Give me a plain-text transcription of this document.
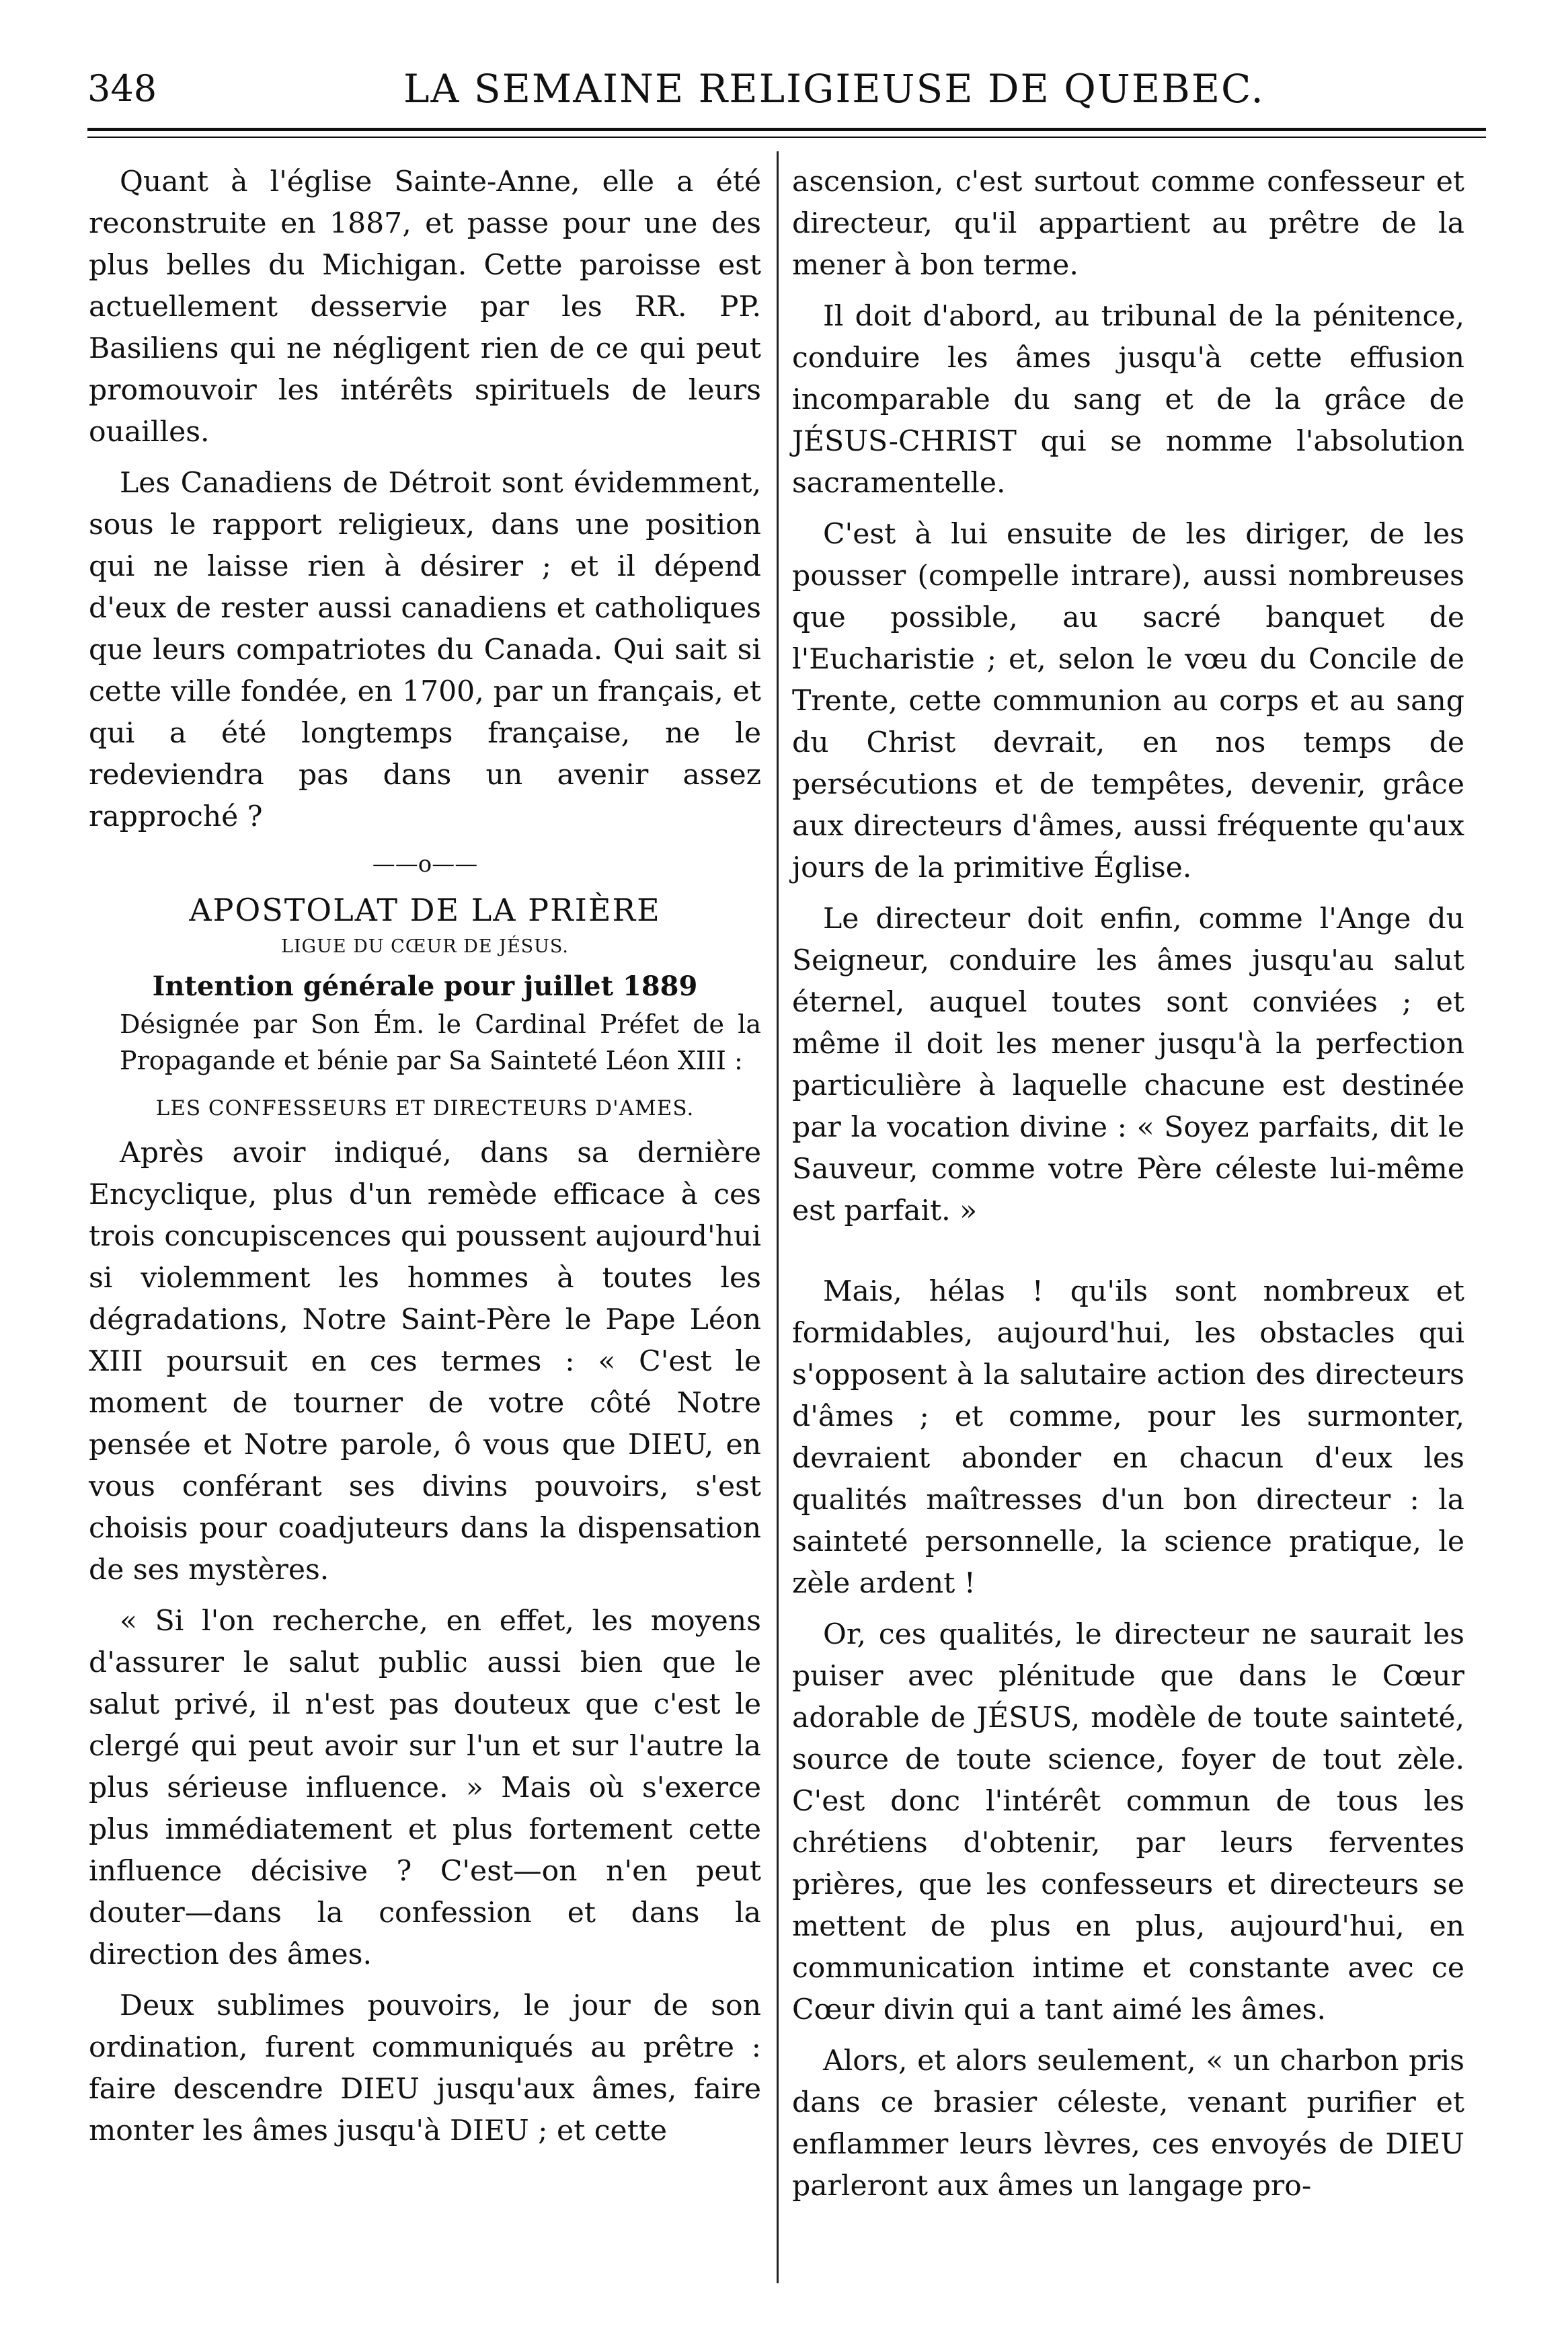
348	LA SEMAINE RELIGIEUSE DE QUEBEC.

Quant à l'église Sainte-Anne, elle a été reconstruite en 1887, et passe pour une des plus belles du Michigan. Cette paroisse est actuellement desservie par les RR. PP. Basiliens qui ne négligent rien de ce qui peut promouvoir les intérêts spirituels de leurs ouailles.

Les Canadiens de Détroit sont évidemment, sous le rapport religieux, dans une position qui ne laisse rien à désirer ; et il dépend d'eux de rester aussi canadiens et catholiques que leurs compatriotes du Canada. Qui sait si cette ville fondée, en 1700, par un français, et qui a été longtemps française, ne le redeviendra pas dans un avenir assez rapproché ?

——o——

APOSTOLAT DE LA PRIÈRE

LIGUE DU CŒUR DE JÉSUS.

Intention générale pour juillet 1889

Désignée par Son Ém. le Cardinal Préfet de la Propagande et bénie par Sa Sainteté Léon XIII :

LES CONFESSEURS ET DIRECTEURS D'AMES.

Après avoir indiqué, dans sa dernière Encyclique, plus d'un remède efficace à ces trois concupiscences qui poussent aujourd'hui si violemment les hommes à toutes les dégradations, Notre Saint-Père le Pape Léon XIII poursuit en ces termes : « C'est le moment de tourner de votre côté Notre pensée et Notre parole, ô vous que DIEU, en vous conférant ses divins pouvoirs, s'est choisis pour coadjuteurs dans la dispensation de ses mystères.

« Si l'on recherche, en effet, les moyens d'assurer le salut public aussi bien que le salut privé, il n'est pas douteux que c'est le clergé qui peut avoir sur l'un et sur l'autre la plus sérieuse influence. » Mais où s'exerce plus immédiatement et plus fortement cette influence décisive ? C'est—on n'en peut douter—dans la confession et dans la direction des âmes.

Deux sublimes pouvoirs, le jour de son ordination, furent communiqués au prêtre : faire descendre DIEU jusqu'aux âmes, faire monter les âmes jusqu'à DIEU ; et cette

ascension, c'est surtout comme confesseur et directeur, qu'il appartient au prêtre de la mener à bon terme.

Il doit d'abord, au tribunal de la pénitence, conduire les âmes jusqu'à cette effusion incomparable du sang et de la grâce de JÉSUS-CHRIST qui se nomme l'absolution sacramentelle.

C'est à lui ensuite de les diriger, de les pousser (compelle intrare), aussi nombreuses que possible, au sacré banquet de l'Eucharistie ; et, selon le vœu du Concile de Trente, cette communion au corps et au sang du Christ devrait, en nos temps de persécutions et de tempêtes, devenir, grâce aux directeurs d'âmes, aussi fréquente qu'aux jours de la primitive Église.

Le directeur doit enfin, comme l'Ange du Seigneur, conduire les âmes jusqu'au salut éternel, auquel toutes sont conviées ; et même il doit les mener jusqu'à la perfection particulière à laquelle chacune est destinée par la vocation divine : « Soyez parfaits, dit le Sauveur, comme votre Père céleste lui-même est parfait. »

Mais, hélas ! qu'ils sont nombreux et formidables, aujourd'hui, les obstacles qui s'opposent à la salutaire action des directeurs d'âmes ; et comme, pour les surmonter, devraient abonder en chacun d'eux les qualités maîtresses d'un bon directeur : la sainteté personnelle, la science pratique, le zèle ardent !

Or, ces qualités, le directeur ne saurait les puiser avec plénitude que dans le Cœur adorable de JÉSUS, modèle de toute sainteté, source de toute science, foyer de tout zèle. C'est donc l'intérêt commun de tous les chrétiens d'obtenir, par leurs ferventes prières, que les confesseurs et directeurs se mettent de plus en plus, aujourd'hui, en communication intime et constante avec ce Cœur divin qui a tant aimé les âmes.

Alors, et alors seulement, « un charbon pris dans ce brasier céleste, venant purifier et enflammer leurs lèvres, ces envoyés de DIEU parleront aux âmes un langage pro-
